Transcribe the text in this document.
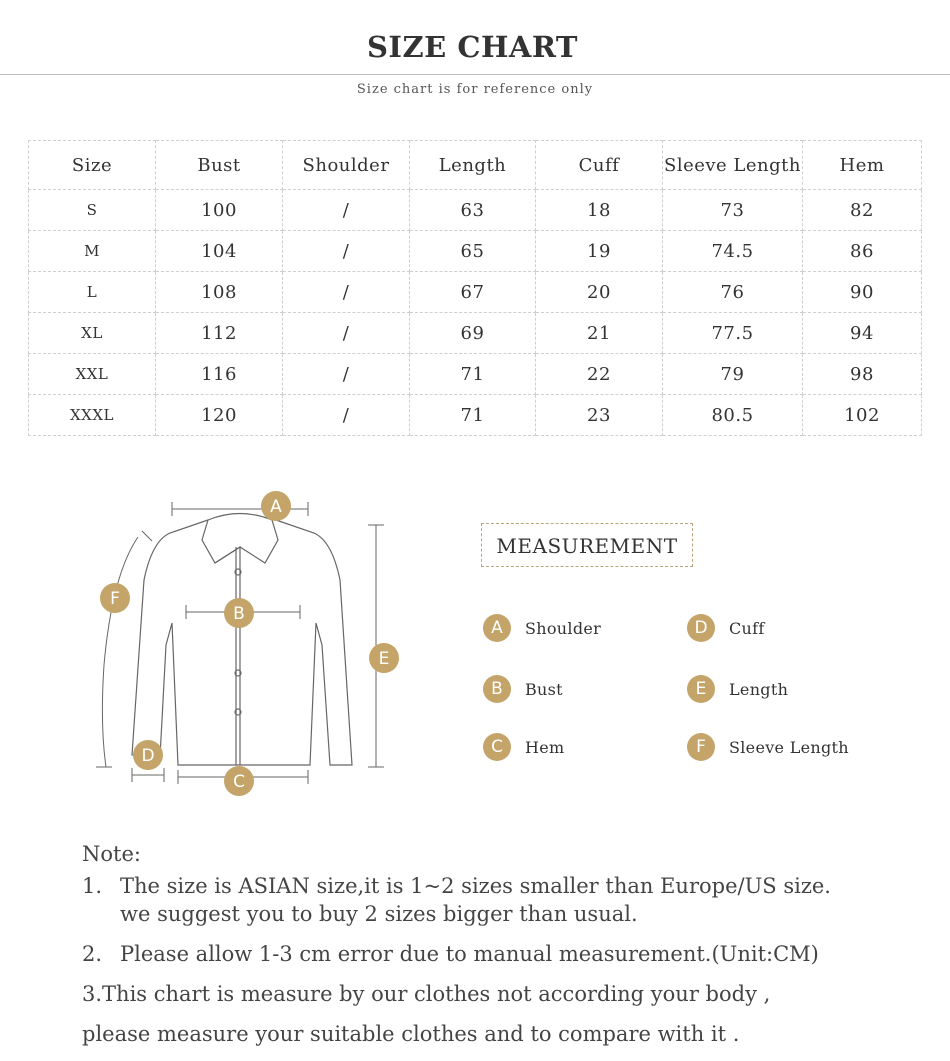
SIZE CHART
Size chart is for reference only
Size	Bust	Shoulder	Length	Cuff	Sleeve Length	Hem
S	100	/	63	18	73	82
M	104	/	65	19	74.5	86
L	108	/	67	20	76	90
XL	112	/	69	21	77.5	94
XXL	116	/	71	22	79	98
XXXL	120	/	71	23	80.5	102
A
B
C
D
E
F
MEASUREMENT
A	Shoulder	D	Cuff
B	Bust	E	Length
C	Hem	F	Sleeve Length
Note:
1. The size is ASIAN size,it is 1~2 sizes smaller than Europe/US size.
we suggest you to buy 2 sizes bigger than usual.
2. Please allow 1-3 cm error due to manual measurement.(Unit:CM)
3.This chart is measure by our clothes not according your body ,
please measure your suitable clothes and to compare with it .
